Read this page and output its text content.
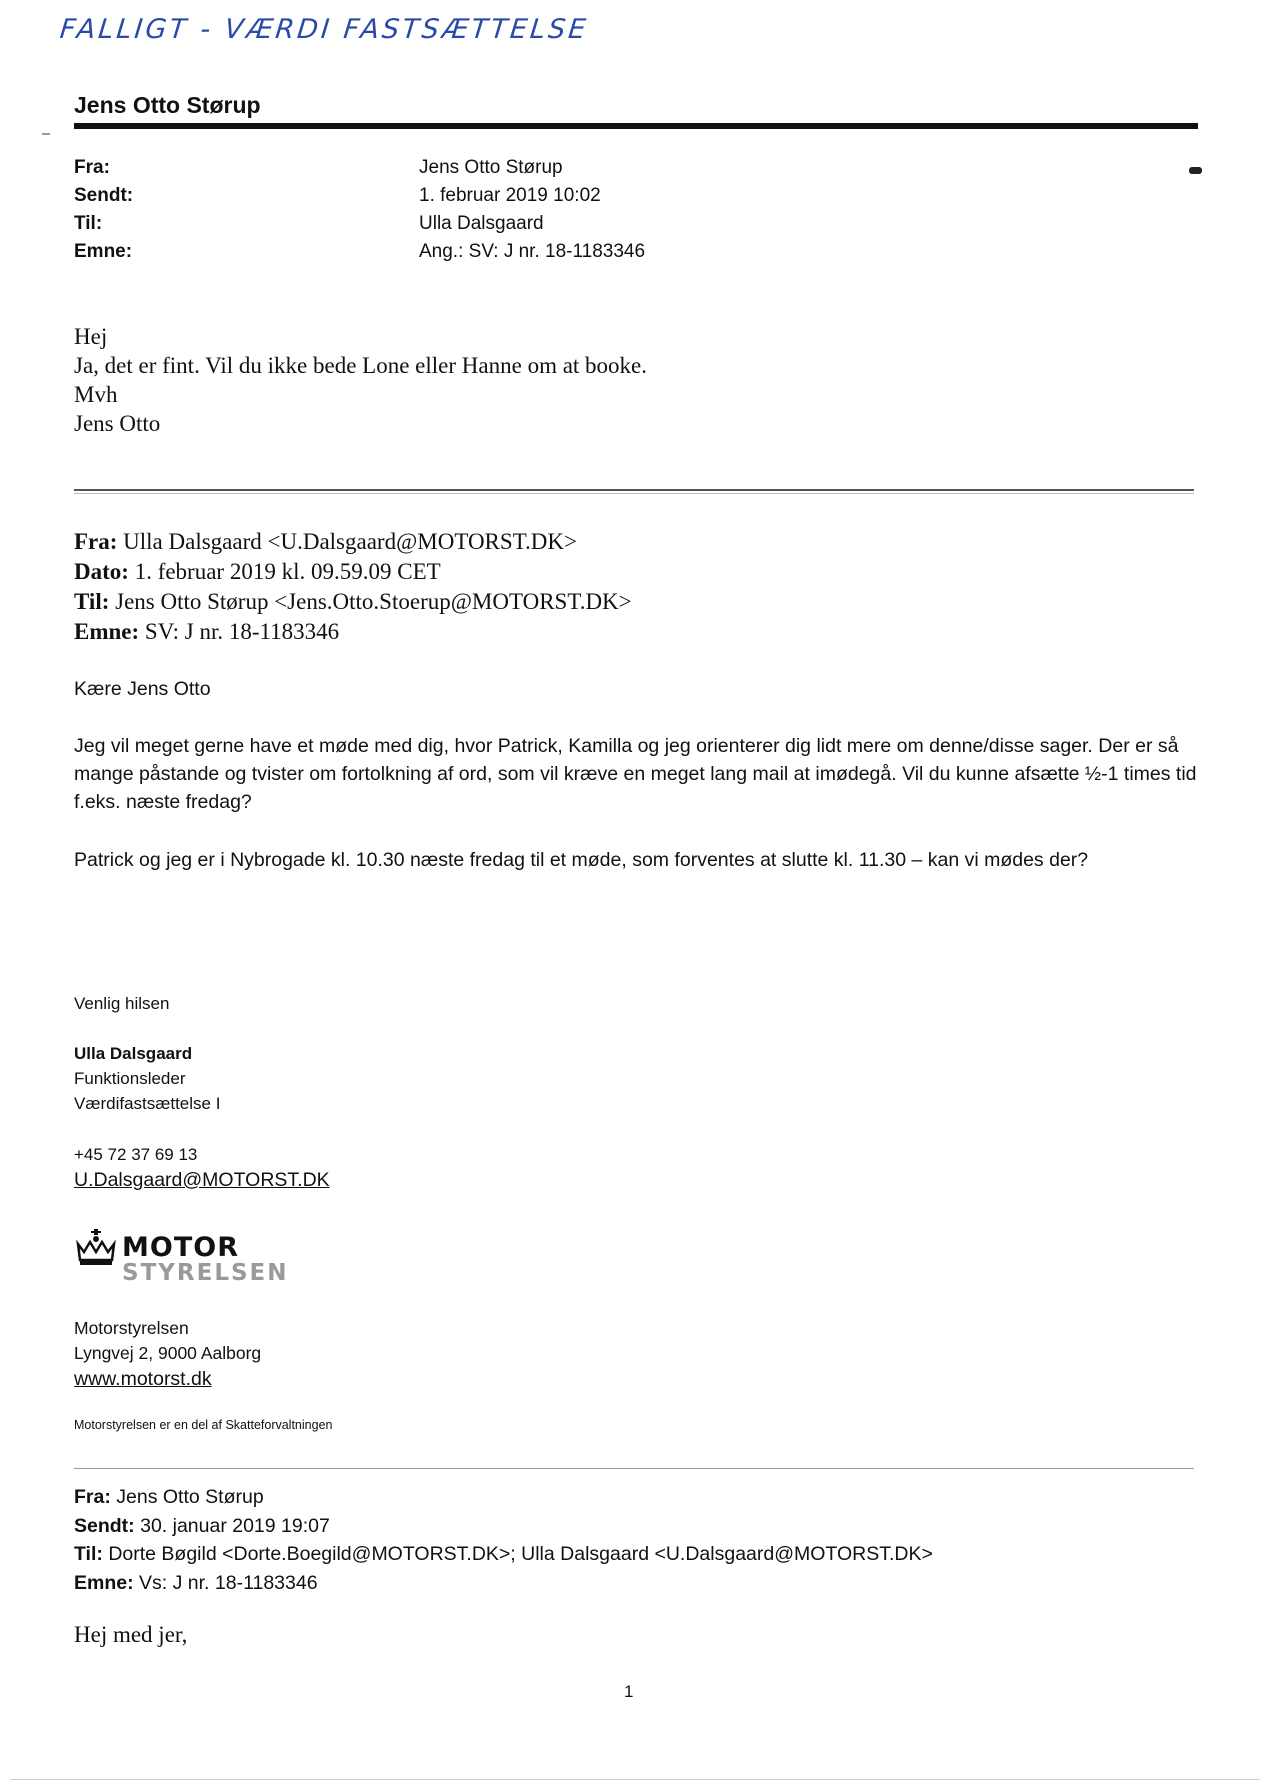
FALLIGT - VÆRDI FASTSÆTTELSE
Jens Otto Størup
Fra:
Sendt:
Til:
Emne:
Jens Otto Størup
1. februar 2019 10:02
Ulla Dalsgaard
Ang.: SV: J nr. 18-1183346
Hej
Ja, det er fint. Vil du ikke bede Lone eller Hanne om at booke.
Mvh
Jens Otto
Fra: Ulla Dalsgaard <U.Dalsgaard@MOTORST.DK>
Dato: 1. februar 2019 kl. 09.59.09 CET
Til: Jens Otto Størup <Jens.Otto.Stoerup@MOTORST.DK>
Emne: SV: J nr. 18-1183346
Kære Jens Otto
Jeg vil meget gerne have et møde med dig, hvor Patrick, Kamilla og jeg orienterer dig lidt mere om denne/disse sager. Der er så mange påstande og tvister om fortolkning af ord, som vil kræve en meget lang mail at imødegå. Vil du kunne afsætte ½-1 times tid f.eks. næste fredag?
Patrick og jeg er i Nybrogade kl. 10.30 næste fredag til et møde, som forventes at slutte kl. 11.30 – kan vi mødes der?
Venlig hilsen
Ulla Dalsgaard
Funktionsleder
Værdifastsættelse I
+45 72 37 69 13
U.Dalsgaard@MOTORST.DK
MOTOR
STYRELSEN
Motorstyrelsen
Lyngvej 2, 9000 Aalborg
www.motorst.dk
Motorstyrelsen er en del af Skatteforvaltningen
Fra: Jens Otto Størup
Sendt: 30. januar 2019 19:07
Til: Dorte Bøgild <Dorte.Boegild@MOTORST.DK>; Ulla Dalsgaard <U.Dalsgaard@MOTORST.DK>
Emne: Vs: J nr. 18-1183346
Hej med jer,
1
